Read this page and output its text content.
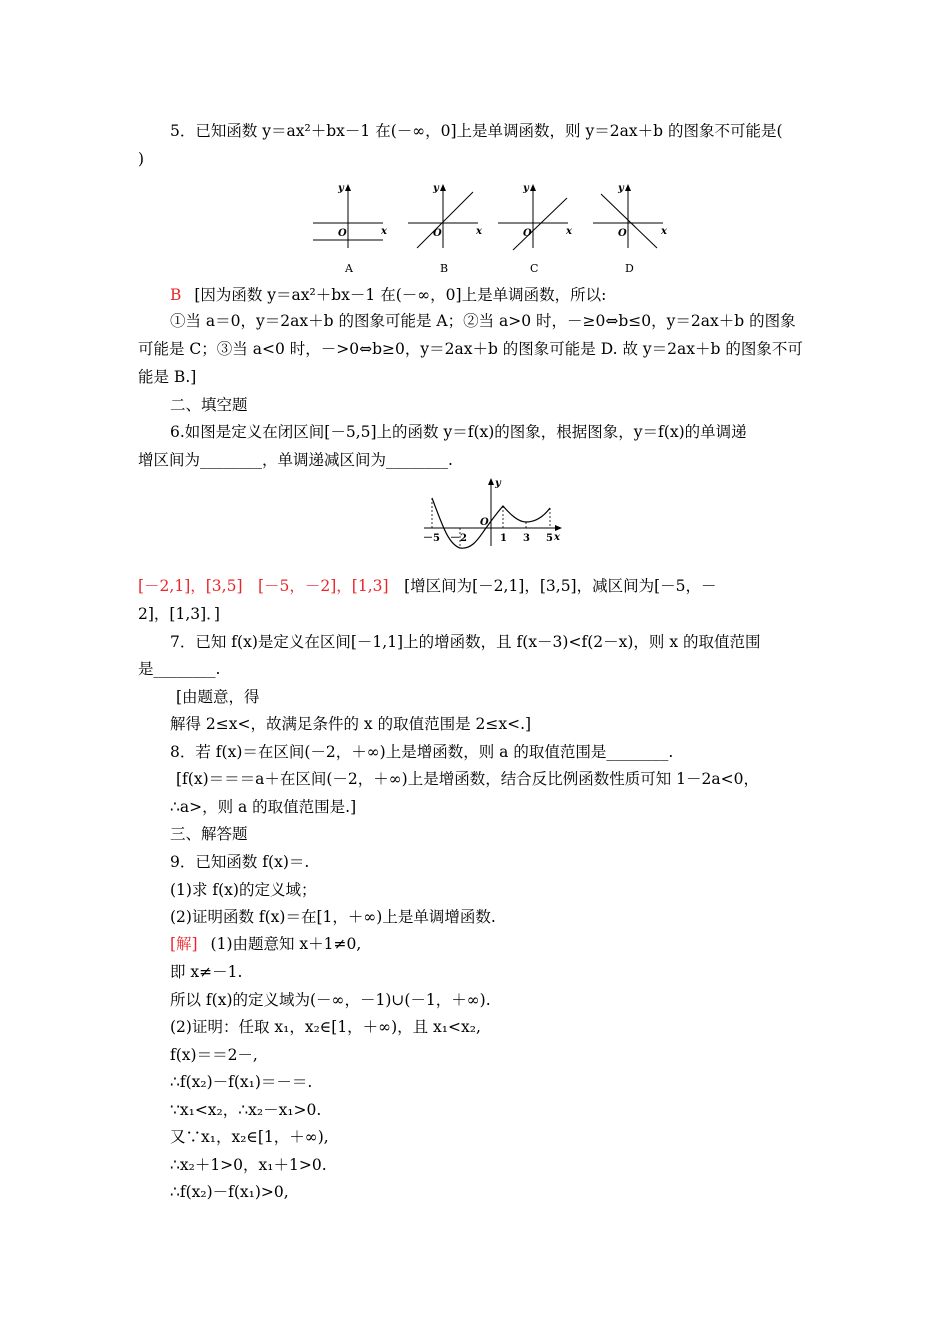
5．已知函数 y＝ax²＋bx－1 在(－∞，0]上是单调函数，则 y＝2ax＋b 的图象不可能是(
)
y
x
O
y
x
O
y
x
O
y
x
O
A	B	C	D
B [因为函数 y＝ax²＋bx－1 在(－∞，0]上是单调函数，所以:
①当 a＝0，y＝2ax＋b 的图象可能是 A；②当 a>0 时，－≥0⇔b≤0，y＝2ax＋b 的图象
可能是 C；③当 a<0 时，－>0⇔b≥0，y＝2ax＋b 的图象可能是 D. 故 y＝2ax＋b 的图象不可
能是 B.]
二、填空题
6.如图是定义在闭区间[－5,5]上的函数 y＝f(x)的图象，根据图象，y＝f(x)的单调递
增区间为________，单调递减区间为________.
y
x
O
－5 －2	1 3 5
[－2,1]，[3,5]　[－5，－2]，[1,3]　[增区间为[－2,1]，[3,5]，减区间为[－5，－
2]，[1,3]．]
7．已知 f(x)是定义在区间[－1,1]上的增函数，且 f(x－3)<f(2－x)，则 x 的取值范围
是________.
[由题意，得
解得 2≤x<，故满足条件的 x 的取值范围是 2≤x<.]
8．若 f(x)＝在区间(－2，＋∞)上是增函数，则 a 的取值范围是________.
[f(x)＝＝＝a＋在区间(－2，＋∞)上是增函数，结合反比例函数性质可知 1－2a<0，
∴a>，则 a 的取值范围是.]
三、解答题
9．已知函数 f(x)＝.
(1)求 f(x)的定义域；
(2)证明函数 f(x)＝在[1，＋∞)上是单调增函数.
[解] (1)由题意知 x＋1≠0,
即 x≠－1.
所以 f(x)的定义域为(－∞，－1)∪(－1，＋∞).
(2)证明：任取 x₁，x₂∈[1，＋∞)，且 x₁<x₂,
f(x)＝＝2－,
∴f(x₂)－f(x₁)＝－＝.
∵x₁<x₂，∴x₂－x₁>0.
又∵x₁，x₂∈[1，＋∞),
∴x₂＋1>0，x₁＋1>0.
∴f(x₂)－f(x₁)>0,
